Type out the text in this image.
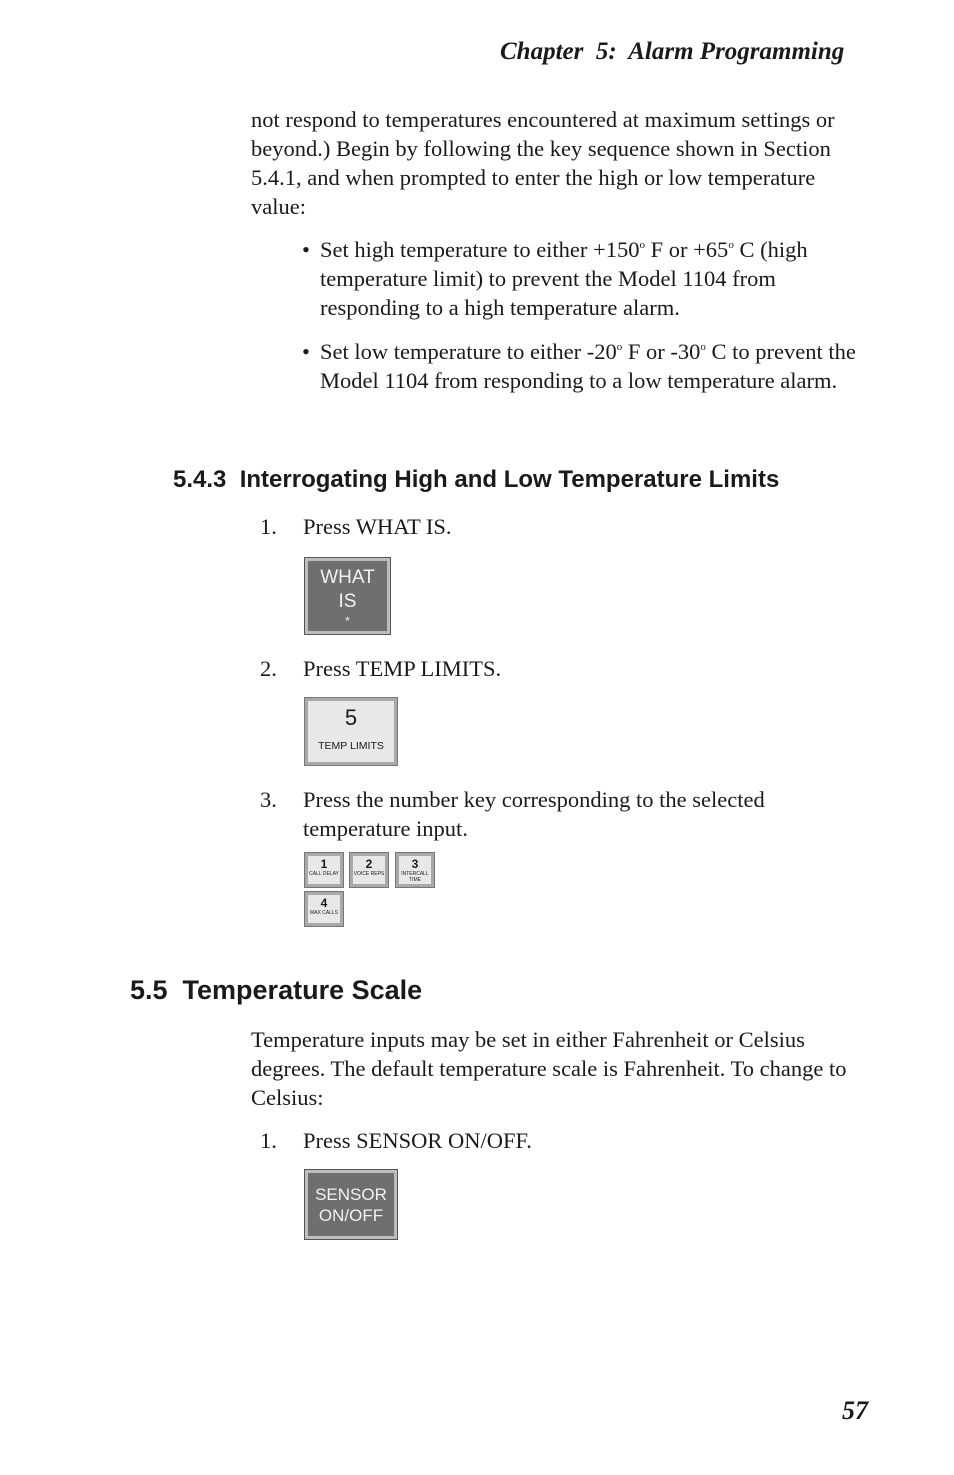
Chapter  5:  Alarm Programming
not respond to temperatures encountered at maximum settings or beyond.) Begin by following the key sequence shown in Section 5.4.1, and when prompted to enter the high or low temperature value:
• Set high temperature to either $+150^o$ F or $+65^o$ C (high temperature limit) to prevent the Model 1104 from responding to a high temperature alarm.
• Set low temperature to either -20$^o$ F or -30$^o$ C to prevent the Model 1104 from responding to a low temperature alarm.
5.4.3  Interrogating High and Low Temperature Limits
1. Press WHAT IS.
WHAT
IS
*
2. Press TEMP LIMITS.
5
TEMP LIMITS
3. Press the number key corresponding to the selected temperature input.
1
CALL DELAY
2
VOICE REPS
3
INTERCALL TIME
4
MAX CALLS
5.5  Temperature Scale
Temperature inputs may be set in either Fahrenheit or Celsius degrees. The default temperature scale is Fahrenheit. To change to Celsius:
1. Press SENSOR ON/OFF.
SENSOR
ON/OFF
57
